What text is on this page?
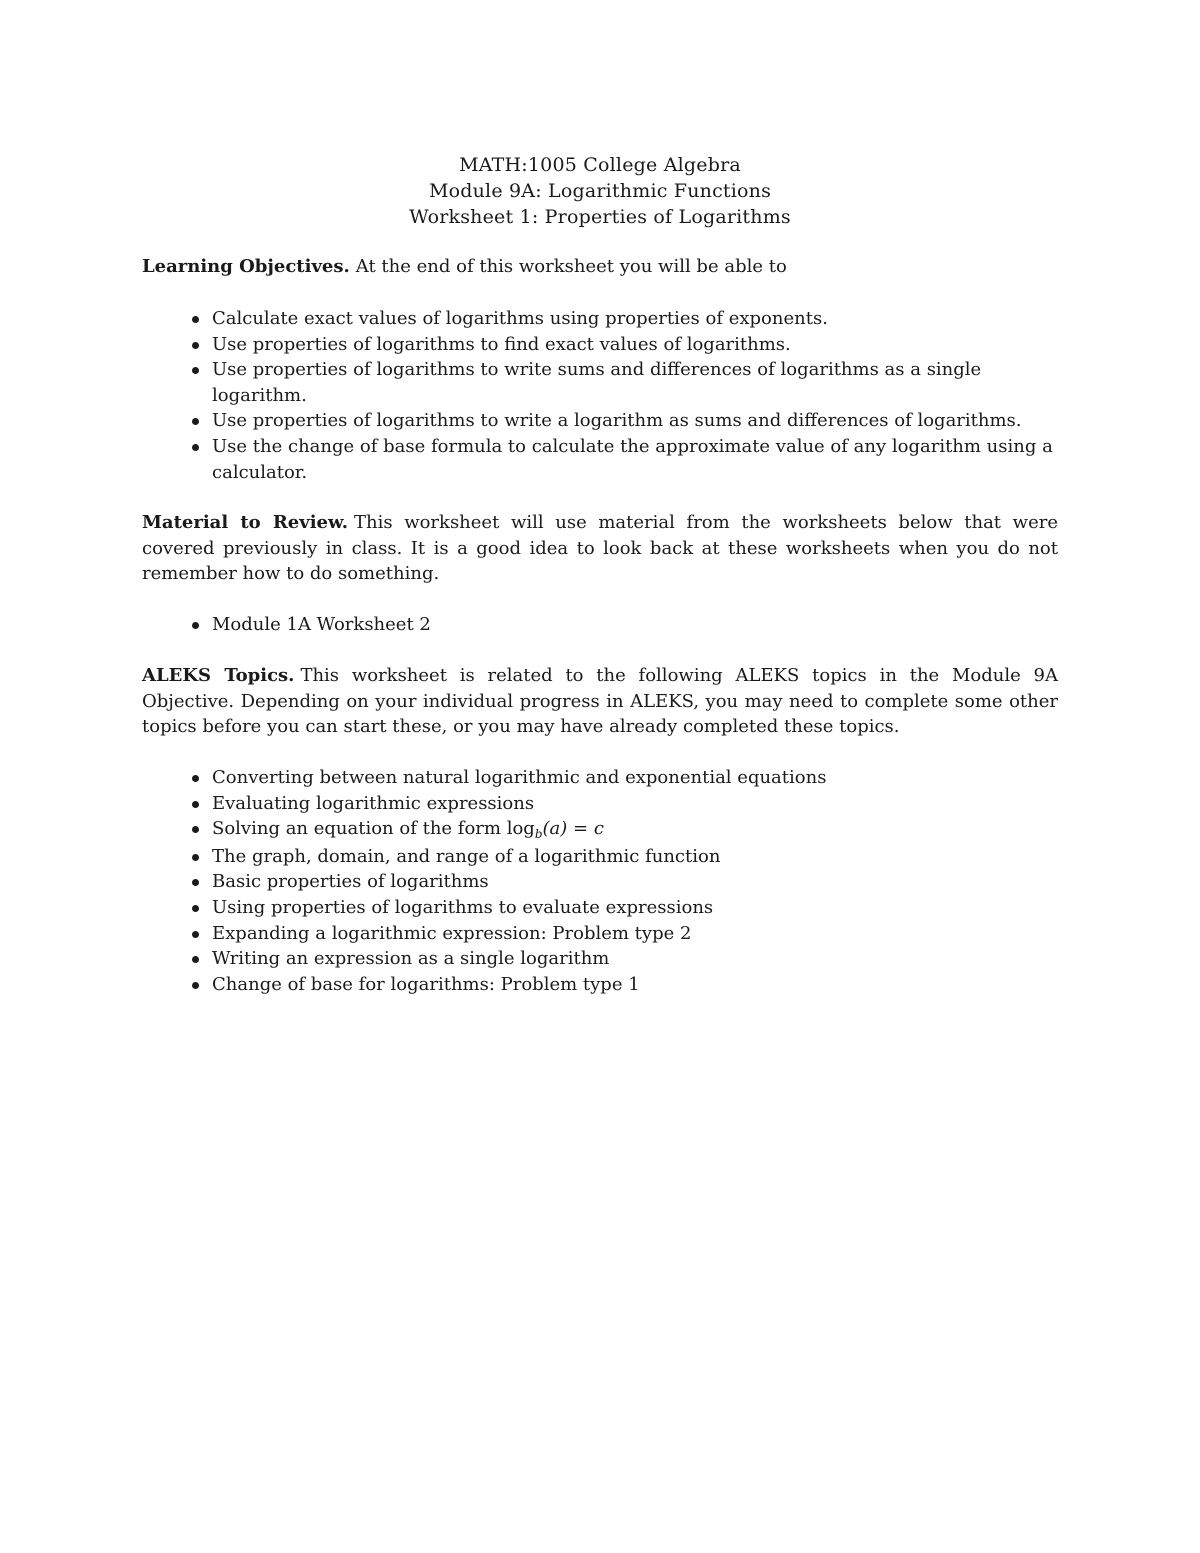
MATH:1005 College Algebra
Module 9A: Logarithmic Functions
Worksheet 1: Properties of Logarithms
Learning Objectives. At the end of this worksheet you will be able to
Calculate exact values of logarithms using properties of exponents.
Use properties of logarithms to find exact values of logarithms.
Use properties of logarithms to write sums and differences of logarithms as a single logarithm.
Use properties of logarithms to write a logarithm as sums and differences of logarithms.
Use the change of base formula to calculate the approximate value of any logarithm using a calculator.
Material to Review. This worksheet will use material from the worksheets below that were covered previously in class. It is a good idea to look back at these worksheets when you do not remember how to do something.
Module 1A Worksheet 2
ALEKS Topics. This worksheet is related to the following ALEKS topics in the Module 9A Objective. Depending on your individual progress in ALEKS, you may need to complete some other topics before you can start these, or you may have already completed these topics.
Converting between natural logarithmic and exponential equations
Evaluating logarithmic expressions
Solving an equation of the form $\log_b(a) = c$
The graph, domain, and range of a logarithmic function
Basic properties of logarithms
Using properties of logarithms to evaluate expressions
Expanding a logarithmic expression: Problem type 2
Writing an expression as a single logarithm
Change of base for logarithms: Problem type 1
